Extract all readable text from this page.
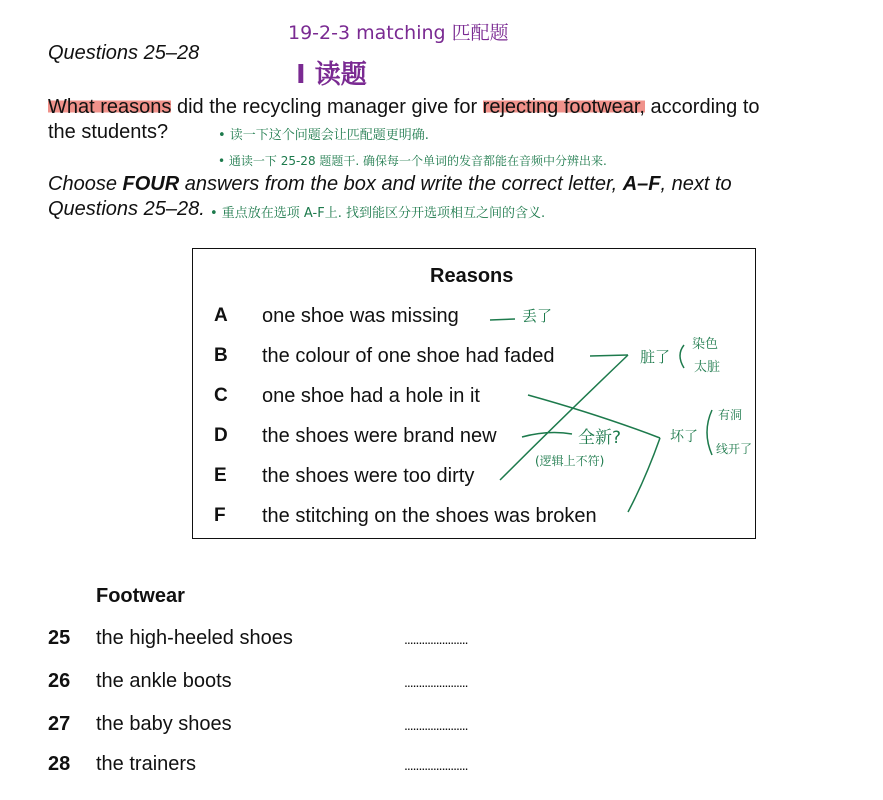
Questions 25–28
19-2-3 matching 匹配题
I 读题
What reasons did the recycling manager give for rejecting footwear, according to
the students?	• 读一下这个问题会让匹配题更明确.
• 通读一下 25-28 题题干. 确保每一个单词的发音都能在音频中分辨出来.
Choose FOUR answers from the box and write the correct letter, A–F, next to
Questions 25–28. • 重点放在选项 A-F上. 找到能区分开选项相互之间的含义.
Reasons
A one shoe was missing
B the colour of one shoe had faded
C one shoe had a hole in it
D the shoes were brand new
E the shoes were too dirty
F the stitching on the shoes was broken
丢了
脏了
染色
太脏
坏了
有洞
线开了
全新?
(逻辑上不符)
Footwear
25 the high-heeled shoes	......................
26 the ankle boots	......................
27 the baby shoes	......................
28 the trainers	......................
